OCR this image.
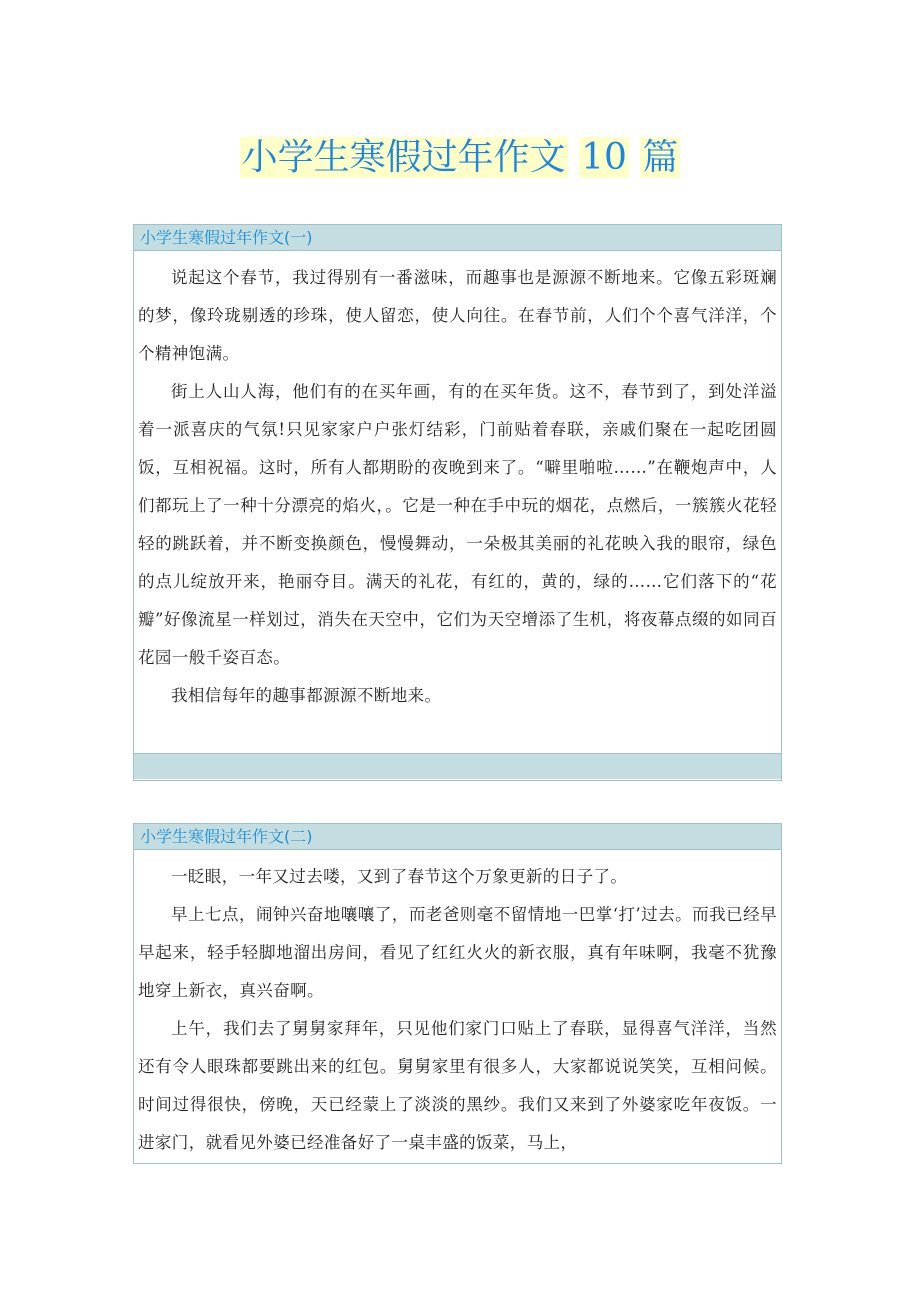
小学生寒假过年作文 10 篇
小学生寒假过年作文(一)

说起这个春节，我过得别有一番滋味，而趣事也是源源不断地来。它像五彩斑斓的梦，像玲珑剔透的珍珠，使人留恋，使人向往。在春节前，人们个个喜气洋洋，个个精神饱满。

街上人山人海，他们有的在买年画，有的在买年货。这不，春节到了，到处洋溢着一派喜庆的气氛!只见家家户户张灯结彩，门前贴着春联，亲戚们聚在一起吃团圆饭，互相祝福。这时，所有人都期盼的夜晚到来了。“噼里啪啦……”在鞭炮声中，人们都玩上了一种十分漂亮的焰火，。它是一种在手中玩的烟花，点燃后，一簇簇火花轻轻的跳跃着，并不断变换颜色，慢慢舞动，一朵极其美丽的礼花映入我的眼帘，绿色的点儿绽放开来，艳丽夺目。满天的礼花，有红的，黄的，绿的……它们落下的“花瓣”好像流星一样划过，消失在天空中，它们为天空增添了生机，将夜幕点缀的如同百花园一般千姿百态。

我相信每年的趣事都源源不断地来。

小学生寒假过年作文(二)

一眨眼，一年又过去喽，又到了春节这个万象更新的日子了。

早上七点，闹钟兴奋地嚷嚷了，而老爸则毫不留情地一巴掌‘打’过去。而我已经早早起来，轻手轻脚地溜出房间，看见了红红火火的新衣服，真有年味啊，我毫不犹豫地穿上新衣，真兴奋啊。

上午，我们去了舅舅家拜年，只见他们家门口贴上了春联，显得喜气洋洋，当然还有令人眼珠都要跳出来的红包。舅舅家里有很多人，大家都说说笑笑，互相问候。时间过得很快，傍晚，天已经蒙上了淡淡的黑纱。我们又来到了外婆家吃年夜饭。一进家门，就看见外婆已经准备好了一桌丰盛的饭菜，马上，
